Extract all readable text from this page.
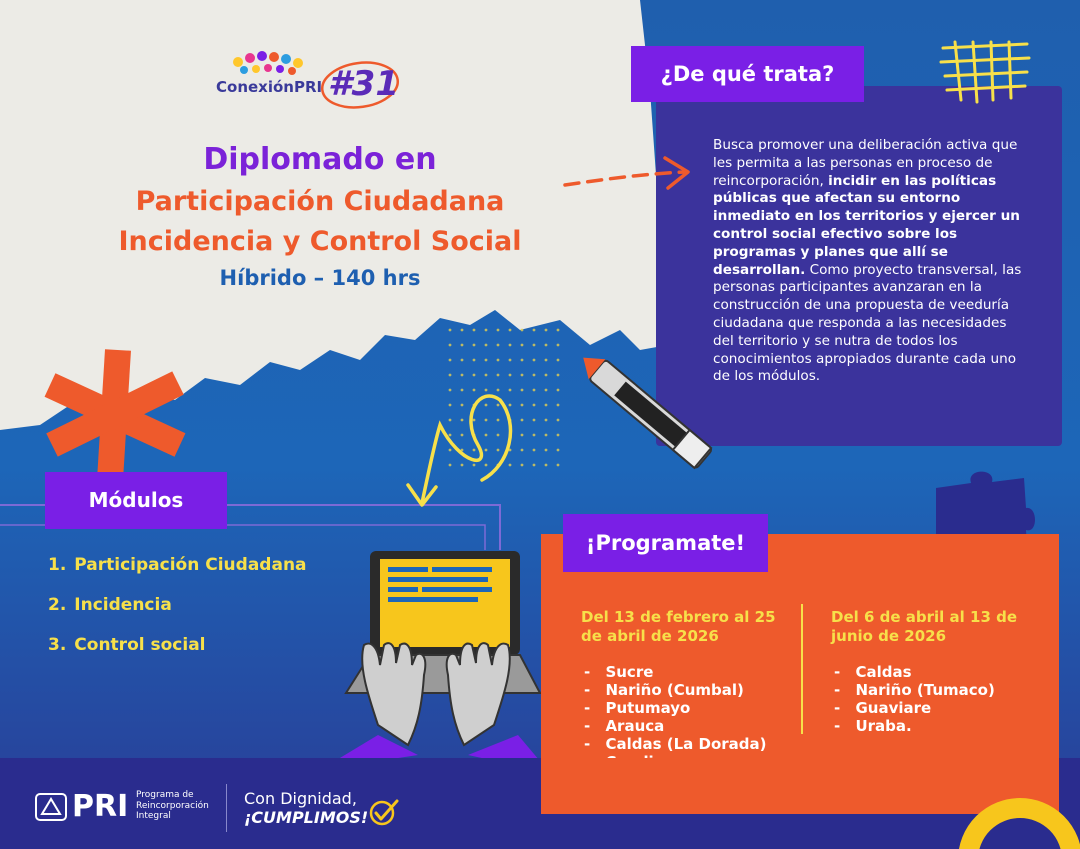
ConexiónPRI #31
Diplomado en
Participación Ciudadana
Incidencia y Control Social
Híbrido – 140 hrs
¿De qué trata?
Busca promover una deliberación activa que les permita a las personas en proceso de reincorporación, incidir en las políticas públicas que afectan su entorno inmediato en los territorios y ejercer un control social efectivo sobre los programas y planes que allí se desarrollan. Como proyecto transversal, las personas participantes avanzaran en la construcción de una propuesta de veeduría ciudadana que responda a las necesidades del territorio y se nutra de todos los conocimientos apropiados durante cada uno de los módulos.
Módulos
1. Participación Ciudadana
2. Incidencia
3. Control social
¡Programate!
Del 13 de febrero al 25 de abril de 2026
- Sucre
- Nariño (Cumbal)
- Putumayo
- Arauca
- Caldas (La Dorada)
-
Del 6 de abril al 13 de junio de 2026
- Caldas
- Nariño (Tumaco)
- Guaviare
- Uraba.
PRI Programa de
Reincorporación
Integral
Con Dignidad,
¡CUMPLIMOS!
